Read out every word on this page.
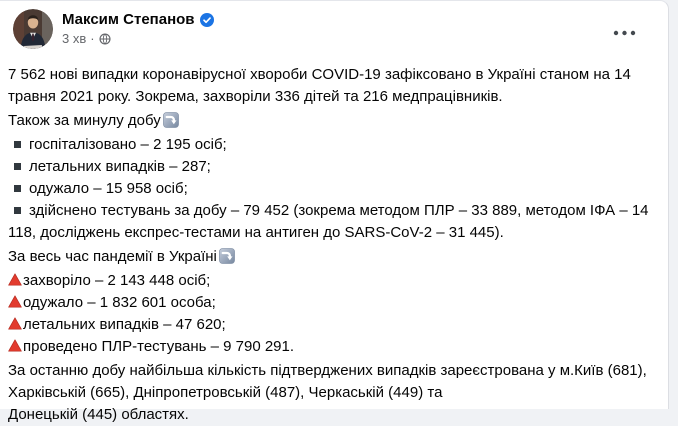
Максим Степанов
3 хв ·
7 562 нові випадки коронавірусної хвороби COVID-19 зафіксовано в Україні станом на 14
травня 2021 року. Зокрема, захворіли 336 дітей та 216 медпрацівників.
Також за минулу добу
госпіталізовано – 2 195 осіб;
летальних випадків – 287;
одужало – 15 958 осіб;
здійснено тестувань за добу – 79 452 (зокрема методом ПЛР – 33 889, методом ІФА – 14
118, досліджень експрес-тестами на антиген до SARS-CoV-2 – 31 445).
За весь час пандемії в Україні
захворіло – 2 143 448 осіб;
одужало – 1 832 601 особа;
летальних випадків – 47 620;
проведено ПЛР-тестувань – 9 790 291.
За останню добу найбільша кількість підтверджених випадків зареєстрована у м.Київ (681),
Харківській (665), Дніпропетровській (487), Черкаській (449) та
Донецькій (445) областях.
